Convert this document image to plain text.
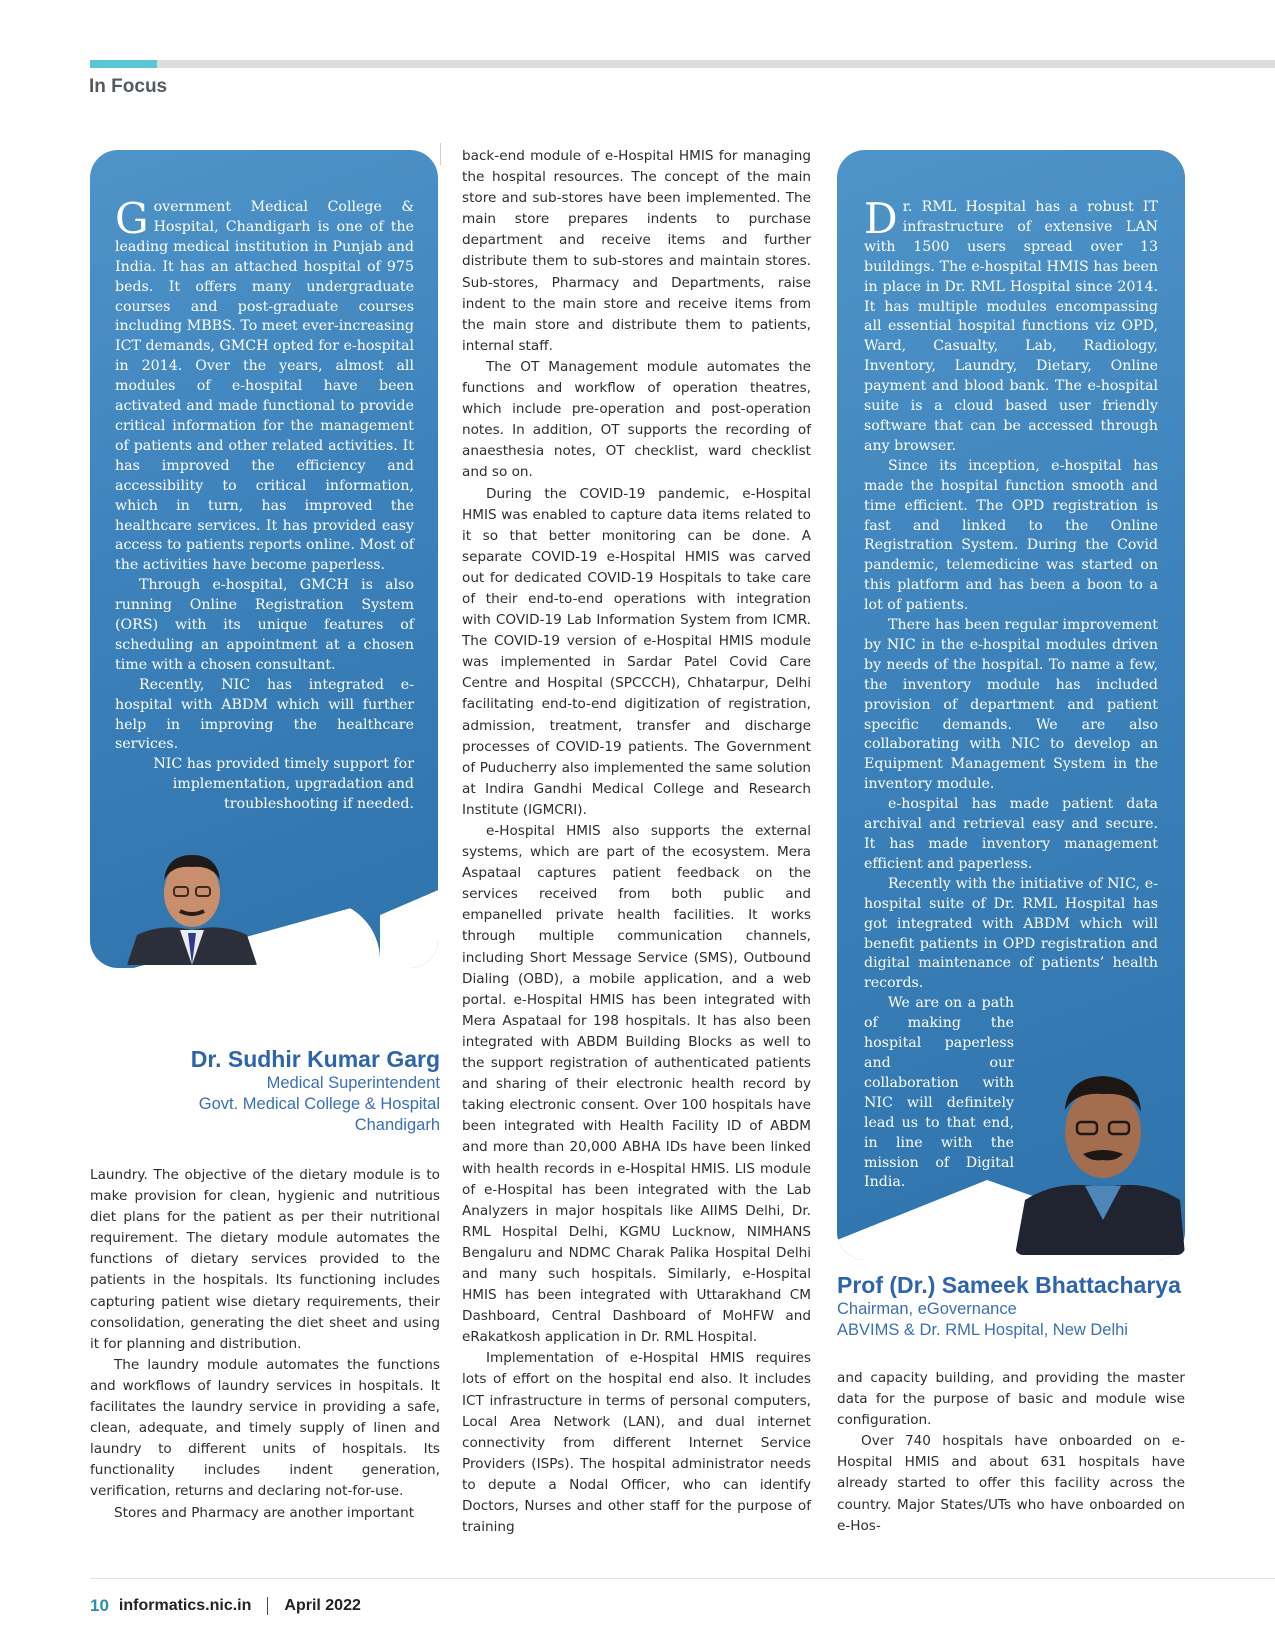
In Focus

Government Medical College & Hospital, Chandigarh is one of the leading medical institution in Punjab and India. It has an attached hospital of 975 beds. It offers many undergraduate courses and post-graduate courses including MBBS. To meet ever-increasing ICT demands, GMCH opted for e-hospital in 2014. Over the years, almost all modules of e-hospital have been activated and made functional to provide critical information for the management of patients and other related activities. It has improved the efficiency and accessibility to critical information, which in turn, has improved the healthcare services. It has provided easy access to patients reports online. Most of the activities have become paperless.

Through e-hospital, GMCH is also running Online Registration System (ORS) with its unique features of scheduling an appointment at a chosen time with a chosen consultant.

Recently, NIC has integrated e-hospital with ABDM which will further help in improving the healthcare services.

NIC has provided timely support for implementation, upgradation and troubleshooting if needed.

Dr. Sudhir Kumar Garg
Medical Superintendent
Govt. Medical College & Hospital
Chandigarh

back-end module of e-Hospital HMIS for managing the hospital resources. The concept of the main store and sub-stores have been implemented. The main store prepares indents to purchase department and receive items and further distribute them to sub-stores and maintain stores. Sub-stores, Pharmacy and Departments, raise indent to the main store and receive items from the main store and distribute them to patients, internal staff.

The OT Management module automates the functions and workflow of operation theatres, which include pre-operation and post-operation notes. In addition, OT supports the recording of anaesthesia notes, OT checklist, ward checklist and so on.

During the COVID-19 pandemic, e-Hospital HMIS was enabled to capture data items related to it so that better monitoring can be done. A separate COVID-19 e-Hospital HMIS was carved out for dedicated COVID-19 Hospitals to take care of their end-to-end operations with integration with COVID-19 Lab Information System from ICMR. The COVID-19 version of e-Hospital HMIS module was implemented in Sardar Patel Covid Care Centre and Hospital (SPCCCH), Chhatarpur, Delhi facilitating end-to-end digitization of registration, admission, treatment, transfer and discharge processes of COVID-19 patients. The Government of Puducherry also implemented the same solution at Indira Gandhi Medical College and Research Institute (IGMCRI).

e-Hospital HMIS also supports the external systems, which are part of the ecosystem. Mera Aspataal captures patient feedback on the services received from both public and empanelled private health facilities. It works through multiple communication channels, including Short Message Service (SMS), Outbound Dialing (OBD), a mobile application, and a web portal. e-Hospital HMIS has been integrated with Mera Aspataal for 198 hospitals. It has also been integrated with ABDM Building Blocks as well to the support registration of authenticated patients and sharing of their electronic health record by taking electronic consent. Over 100 hospitals have been integrated with Health Facility ID of ABDM and more than 20,000 ABHA IDs have been linked with health records in e-Hospital HMIS. LIS module of e-Hospital has been integrated with the Lab Analyzers in major hospitals like AIIMS Delhi, Dr. RML Hospital Delhi, KGMU Lucknow, NIMHANS Bengaluru and NDMC Charak Palika Hospital Delhi and many such hospitals. Similarly, e-Hospital HMIS has been integrated with Uttarakhand CM Dashboard, Central Dashboard of MoHFW and eRakatkosh application in Dr. RML Hospital.

Implementation of e-Hospital HMIS requires lots of effort on the hospital end also. It includes ICT infrastructure in terms of personal computers, Local Area Network (LAN), and dual internet connectivity from different Internet Service Providers (ISPs). The hospital administrator needs to depute a Nodal Officer, who can identify Doctors, Nurses and other staff for the purpose of training

Dr. RML Hospital has a robust IT infrastructure of extensive LAN with 1500 users spread over 13 buildings. The e-hospital HMIS has been in place in Dr. RML Hospital since 2014. It has multiple modules encompassing all essential hospital functions viz OPD, Ward, Casualty, Lab, Radiology, Inventory, Laundry, Dietary, Online payment and blood bank. The e-hospital suite is a cloud based user friendly software that can be accessed through any browser.

Since its inception, e-hospital has made the hospital function smooth and time efficient. The OPD registration is fast and linked to the Online Registration System. During the Covid pandemic, telemedicine was started on this platform and has been a boon to a lot of patients.

There has been regular improvement by NIC in the e-hospital modules driven by needs of the hospital. To name a few, the inventory module has included provision of department and patient specific demands. We are also collaborating with NIC to develop an Equipment Management System in the inventory module.

e-hospital has made patient data archival and retrieval easy and secure. It has made inventory management efficient and paperless.

Recently with the initiative of NIC, e-hospital suite of Dr. RML Hospital has got integrated with ABDM which will benefit patients in OPD registration and digital maintenance of patients’ health records.

We are on a path of making the hospital paperless and our collaboration with NIC will definitely lead us to that end, in line with the mission of Digital India.

Prof (Dr.) Sameek Bhattacharya
Chairman, eGovernance
ABVIMS & Dr. RML Hospital, New Delhi

Laundry. The objective of the dietary module is to make provision for clean, hygienic and nutritious diet plans for the patient as per their nutritional requirement. The dietary module automates the functions of dietary services provided to the patients in the hospitals. Its functioning includes capturing patient wise dietary requirements, their consolidation, generating the diet sheet and using it for planning and distribution.

The laundry module automates the functions and workflows of laundry services in hospitals. It facilitates the laundry service in providing a safe, clean, adequate, and timely supply of linen and laundry to different units of hospitals. Its functionality includes indent generation, verification, returns and declaring not-for-use.

Stores and Pharmacy are another important

and capacity building, and providing the master data for the purpose of basic and module wise configuration.

Over 740 hospitals have onboarded on e-Hospital HMIS and about 631 hospitals have already started to offer this facility across the country. Major States/UTs who have onboarded on e-Hos-

10 informatics.nic.in April 2022
